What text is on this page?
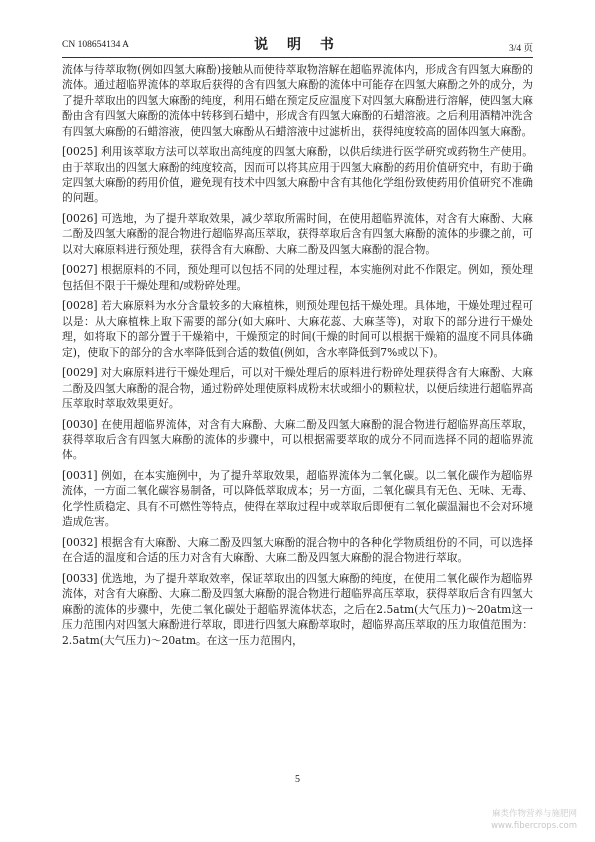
CN 108654134 A	说 明 书	3/4 页

流体与待萃取物(例如四氢大麻酚)接触从而使待萃取物溶解在超临界流体内，形成含有四氢大麻酚的流体。通过超临界流体的萃取后获得的含有四氢大麻酚的流体中可能存在四氢大麻酚之外的成分，为了提升萃取出的四氢大麻酚的纯度，利用石蜡在预定反应温度下对四氢大麻酚进行溶解，使四氢大麻酚由含有四氢大麻酚的流体中转移到石蜡中，形成含有四氢大麻酚的石蜡溶液。之后利用酒精冲洗含有四氢大麻酚的石蜡溶液，使四氢大麻酚从石蜡溶液中过滤析出，获得纯度较高的固体四氢大麻酚。

[0025] 利用该萃取方法可以萃取出高纯度的四氢大麻酚，以供后续进行医学研究或药物生产使用。由于萃取出的四氢大麻酚的纯度较高，因而可以将其应用于四氢大麻酚的药用价值研究中，有助于确定四氢大麻酚的药用价值，避免现有技术中四氢大麻酚中含有其他化学组份致使药用价值研究不准确的问题。

[0026] 可选地，为了提升萃取效果，减少萃取所需时间，在使用超临界流体，对含有大麻酚、大麻二酚及四氢大麻酚的混合物进行超临界高压萃取，获得萃取后含有四氢大麻酚的流体的步骤之前，可以对大麻原料进行预处理，获得含有大麻酚、大麻二酚及四氢大麻酚的混合物。

[0027] 根据原料的不同，预处理可以包括不同的处理过程，本实施例对此不作限定。例如，预处理包括但不限于干燥处理和/或粉碎处理。

[0028] 若大麻原料为水分含量较多的大麻植株，则预处理包括干燥处理。具体地，干燥处理过程可以是：从大麻植株上取下需要的部分(如大麻叶、大麻花蕊、大麻茎等)，对取下的部分进行干燥处理，如将取下的部分置于干燥箱中，干燥预定的时间(干燥的时间可以根据干燥箱的温度不同具体确定)，使取下的部分的含水率降低到合适的数值(例如，含水率降低到7%或以下)。

[0029] 对大麻原料进行干燥处理后，可以对干燥处理后的原料进行粉碎处理获得含有大麻酚、大麻二酚及四氢大麻酚的混合物，通过粉碎处理使原料成粉末状或细小的颗粒状，以便后续进行超临界高压萃取时萃取效果更好。

[0030] 在使用超临界流体，对含有大麻酚、大麻二酚及四氢大麻酚的混合物进行超临界高压萃取，获得萃取后含有四氢大麻酚的流体的步骤中，可以根据需要萃取的成分不同而选择不同的超临界流体。

[0031] 例如，在本实施例中，为了提升萃取效果，超临界流体为二氧化碳。以二氧化碳作为超临界流体，一方面二氧化碳容易制备，可以降低萃取成本；另一方面，二氧化碳具有无色、无味、无毒、化学性质稳定、具有不可燃性等特点，使得在萃取过程中或萃取后即便有二氧化碳温漏也不会对环境造成危害。

[0032] 根据含有大麻酚、大麻二酚及四氢大麻酚的混合物中的各种化学物质组份的不同，可以选择在合适的温度和合适的压力对含有大麻酚、大麻二酚及四氢大麻酚的混合物进行萃取。

[0033] 优选地，为了提升萃取效率，保证萃取出的四氢大麻酚的纯度，在使用二氧化碳作为超临界流体，对含有大麻酚、大麻二酚及四氢大麻酚的混合物进行超临界高压萃取，获得萃取后含有四氢大麻酚的流体的步骤中，先使二氧化碳处于超临界流体状态，之后在2.5atm(大气压力)～20atm这一压力范围内对四氢大麻酚进行萃取，即进行四氢大麻酚萃取时，超临界高压萃取的压力取值范围为：2.5atm(大气压力)～20atm。在这一压力范围内，

5
麻类作物营养与施肥网
www.fibercrops.com
